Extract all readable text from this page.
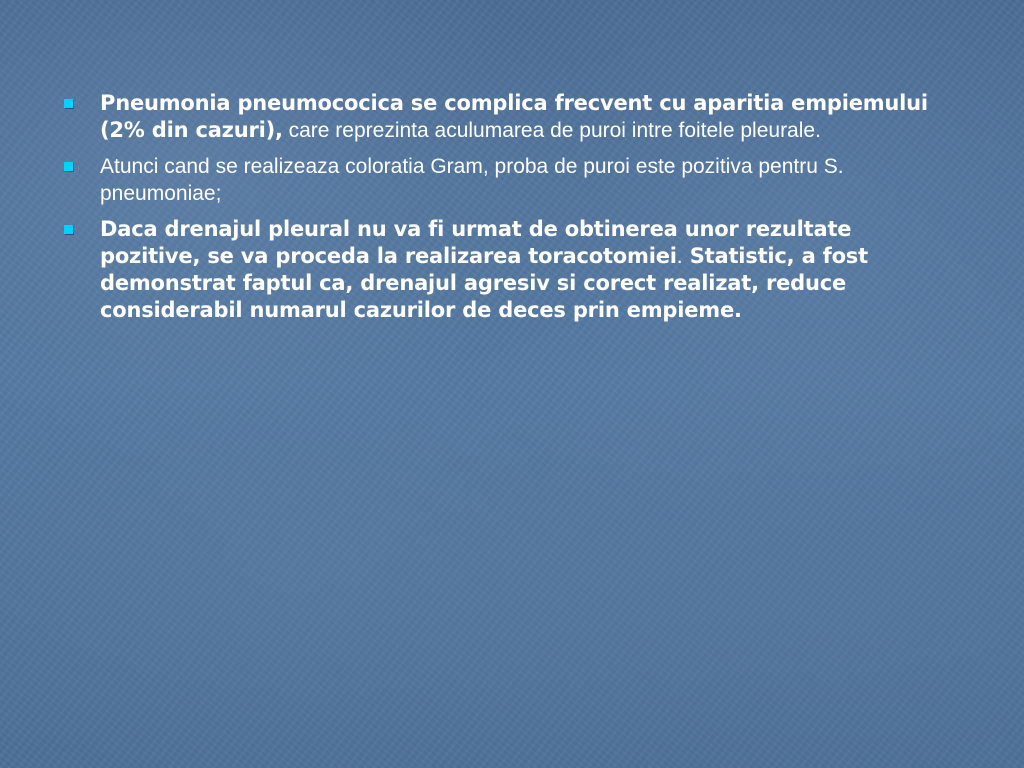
Pneumonia pneumococica se complica frecvent cu aparitia empiemului (2% din cazuri), care reprezinta aculumarea de puroi intre foitele pleurale.
Atunci cand se realizeaza coloratia Gram, proba de puroi este pozitiva pentru S. pneumoniae;
Daca drenajul pleural nu va fi urmat de obtinerea unor rezultate pozitive, se va proceda la realizarea toracotomiei. Statistic, a fost demonstrat faptul ca, drenajul agresiv si corect realizat, reduce considerabil numarul cazurilor de deces prin empieme.
